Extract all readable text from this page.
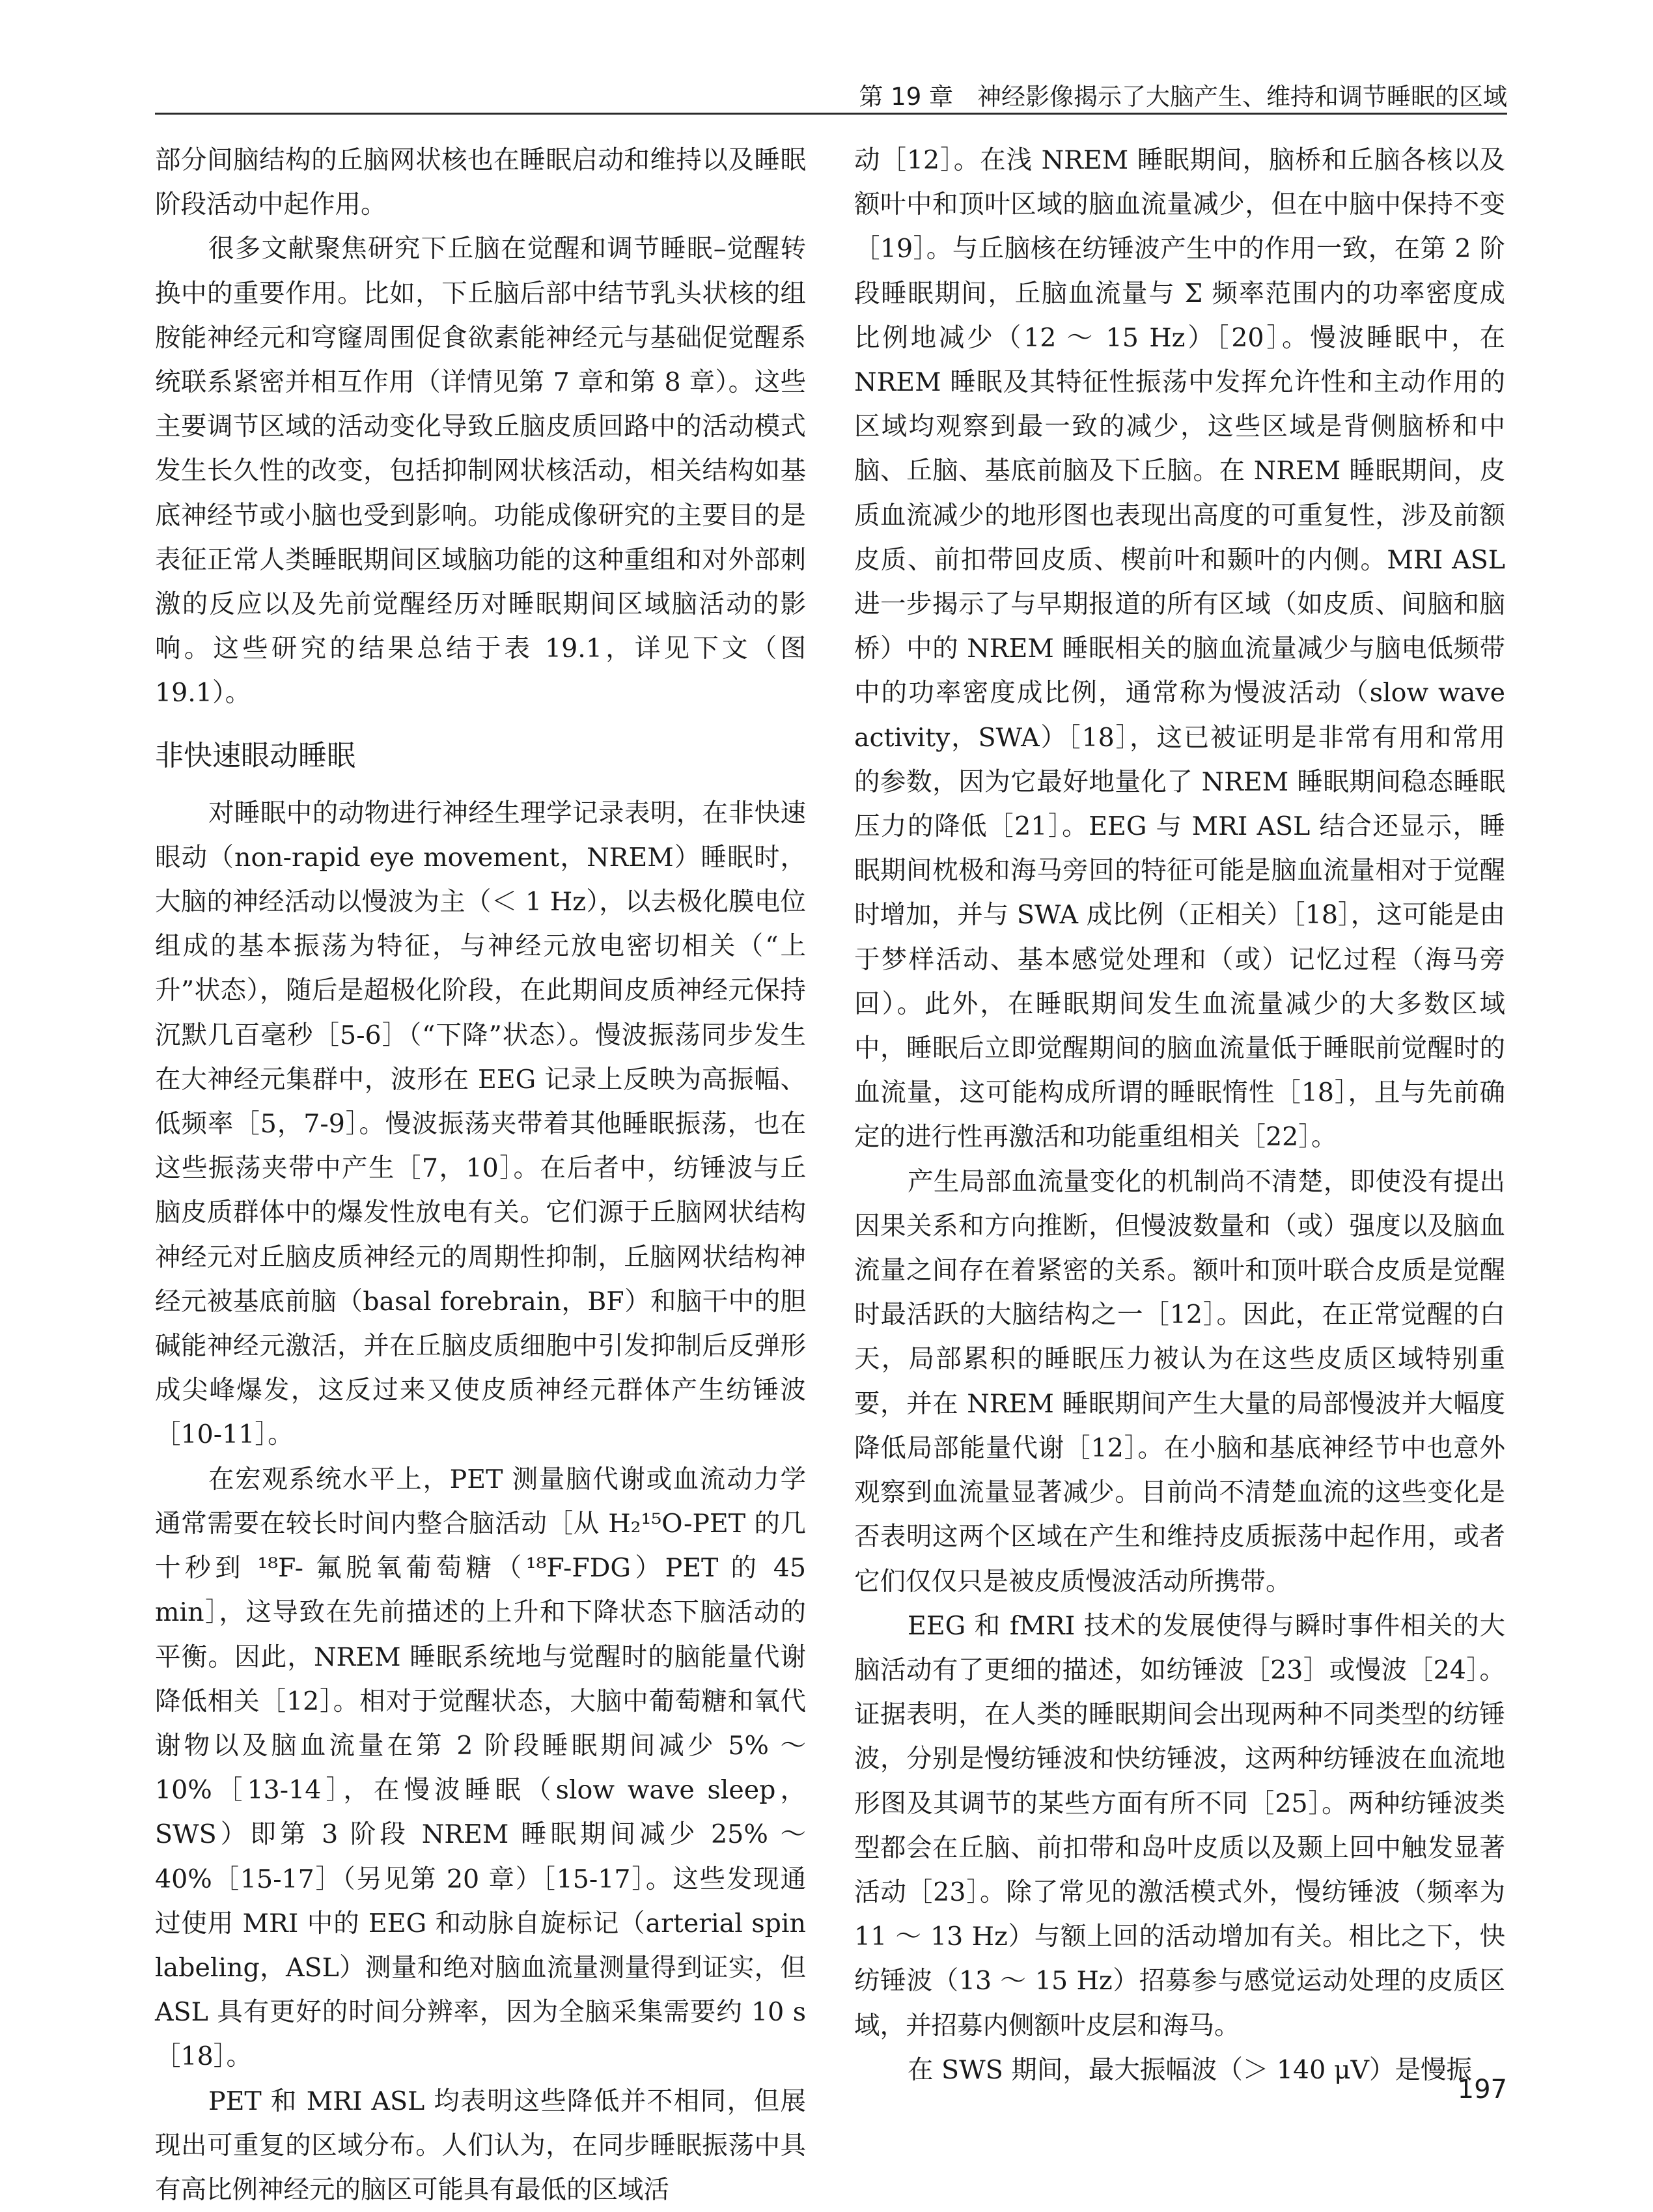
第 19 章　神经影像揭示了大脑产生、维持和调节睡眠的区域

部分间脑结构的丘脑网状核也在睡眠启动和维持以及睡眠阶段活动中起作用。

很多文献聚焦研究下丘脑在觉醒和调节睡眠–觉醒转换中的重要作用。比如，下丘脑后部中结节乳头状核的组胺能神经元和穹窿周围促食欲素能神经元与基础促觉醒系统联系紧密并相互作用（详情见第 7 章和第 8 章）。这些主要调节区域的活动变化导致丘脑皮质回路中的活动模式发生长久性的改变，包括抑制网状核活动，相关结构如基底神经节或小脑也受到影响。功能成像研究的主要目的是表征正常人类睡眠期间区域脑功能的这种重组和对外部刺激的反应以及先前觉醒经历对睡眠期间区域脑活动的影响。这些研究的结果总结于表 19.1，详见下文（图 19.1）。

非快速眼动睡眠

对睡眠中的动物进行神经生理学记录表明，在非快速眼动（non-rapid eye movement，NREM）睡眠时，大脑的神经活动以慢波为主（＜ 1 Hz），以去极化膜电位组成的基本振荡为特征，与神经元放电密切相关（“上升”状态），随后是超极化阶段，在此期间皮质神经元保持沉默几百毫秒［5-6］（“下降”状态）。慢波振荡同步发生在大神经元集群中，波形在 EEG 记录上反映为高振幅、低频率［5，7-9］。慢波振荡夹带着其他睡眠振荡，也在这些振荡夹带中产生［7，10］。在后者中，纺锤波与丘脑皮质群体中的爆发性放电有关。它们源于丘脑网状结构神经元对丘脑皮质神经元的周期性抑制，丘脑网状结构神经元被基底前脑（basal forebrain，BF）和脑干中的胆碱能神经元激活，并在丘脑皮质细胞中引发抑制后反弹形成尖峰爆发，这反过来又使皮质神经元群体产生纺锤波［10-11］。

在宏观系统水平上，PET 测量脑代谢或血流动力学通常需要在较长时间内整合脑活动［从 H₂¹⁵O-PET 的几十秒到 ¹⁸F- 氟脱氧葡萄糖（¹⁸F-FDG）PET 的 45 min］，这导致在先前描述的上升和下降状态下脑活动的平衡。因此，NREM 睡眠系统地与觉醒时的脑能量代谢降低相关［12］。相对于觉醒状态，大脑中葡萄糖和氧代谢物以及脑血流量在第 2 阶段睡眠期间减少 5% ～ 10%［13-14］，在慢波睡眠（slow wave sleep，SWS）即第 3 阶段 NREM 睡眠期间减少 25% ～ 40%［15-17］（另见第 20 章）［15-17］。这些发现通过使用 MRI 中的 EEG 和动脉自旋标记（arterial spin labeling，ASL）测量和绝对脑血流量测量得到证实，但 ASL 具有更好的时间分辨率，因为全脑采集需要约 10 s［18］。

PET 和 MRI ASL 均表明这些降低并不相同，但展现出可重复的区域分布。人们认为，在同步睡眠振荡中具有高比例神经元的脑区可能具有最低的区域活

动［12］。在浅 NREM 睡眠期间，脑桥和丘脑各核以及额叶中和顶叶区域的脑血流量减少，但在中脑中保持不变［19］。与丘脑核在纺锤波产生中的作用一致，在第 2 阶段睡眠期间，丘脑血流量与 Σ 频率范围内的功率密度成比例地减少（12 ～ 15 Hz）［20］。慢波睡眠中，在 NREM 睡眠及其特征性振荡中发挥允许性和主动作用的区域均观察到最一致的减少，这些区域是背侧脑桥和中脑、丘脑、基底前脑及下丘脑。在 NREM 睡眠期间，皮质血流减少的地形图也表现出高度的可重复性，涉及前额皮质、前扣带回皮质、楔前叶和颞叶的内侧。MRI ASL 进一步揭示了与早期报道的所有区域（如皮质、间脑和脑桥）中的 NREM 睡眠相关的脑血流量减少与脑电低频带中的功率密度成比例，通常称为慢波活动（slow wave activity，SWA）［18］，这已被证明是非常有用和常用的参数，因为它最好地量化了 NREM 睡眠期间稳态睡眠压力的降低［21］。EEG 与 MRI ASL 结合还显示，睡眠期间枕极和海马旁回的特征可能是脑血流量相对于觉醒时增加，并与 SWA 成比例（正相关）［18］，这可能是由于梦样活动、基本感觉处理和（或）记忆过程（海马旁回）。此外，在睡眠期间发生血流量减少的大多数区域中，睡眠后立即觉醒期间的脑血流量低于睡眠前觉醒时的血流量，这可能构成所谓的睡眠惰性［18］，且与先前确定的进行性再激活和功能重组相关［22］。

产生局部血流量变化的机制尚不清楚，即使没有提出因果关系和方向推断，但慢波数量和（或）强度以及脑血流量之间存在着紧密的关系。额叶和顶叶联合皮质是觉醒时最活跃的大脑结构之一［12］。因此，在正常觉醒的白天，局部累积的睡眠压力被认为在这些皮质区域特别重要，并在 NREM 睡眠期间产生大量的局部慢波并大幅度降低局部能量代谢［12］。在小脑和基底神经节中也意外观察到血流量显著减少。目前尚不清楚血流的这些变化是否表明这两个区域在产生和维持皮质振荡中起作用，或者它们仅仅只是被皮质慢波活动所携带。

EEG 和 fMRI 技术的发展使得与瞬时事件相关的大脑活动有了更细的描述，如纺锤波［23］或慢波［24］。证据表明，在人类的睡眠期间会出现两种不同类型的纺锤波，分别是慢纺锤波和快纺锤波，这两种纺锤波在血流地形图及其调节的某些方面有所不同［25］。两种纺锤波类型都会在丘脑、前扣带和岛叶皮质以及颞上回中触发显著活动［23］。除了常见的激活模式外，慢纺锤波（频率为 11 ～ 13 Hz）与额上回的活动增加有关。相比之下，快纺锤波（13 ～ 15 Hz）招募参与感觉运动处理的皮质区域，并招募内侧额叶皮层和海马。

在 SWS 期间，最大振幅波（＞ 140 μV）是慢振

197
